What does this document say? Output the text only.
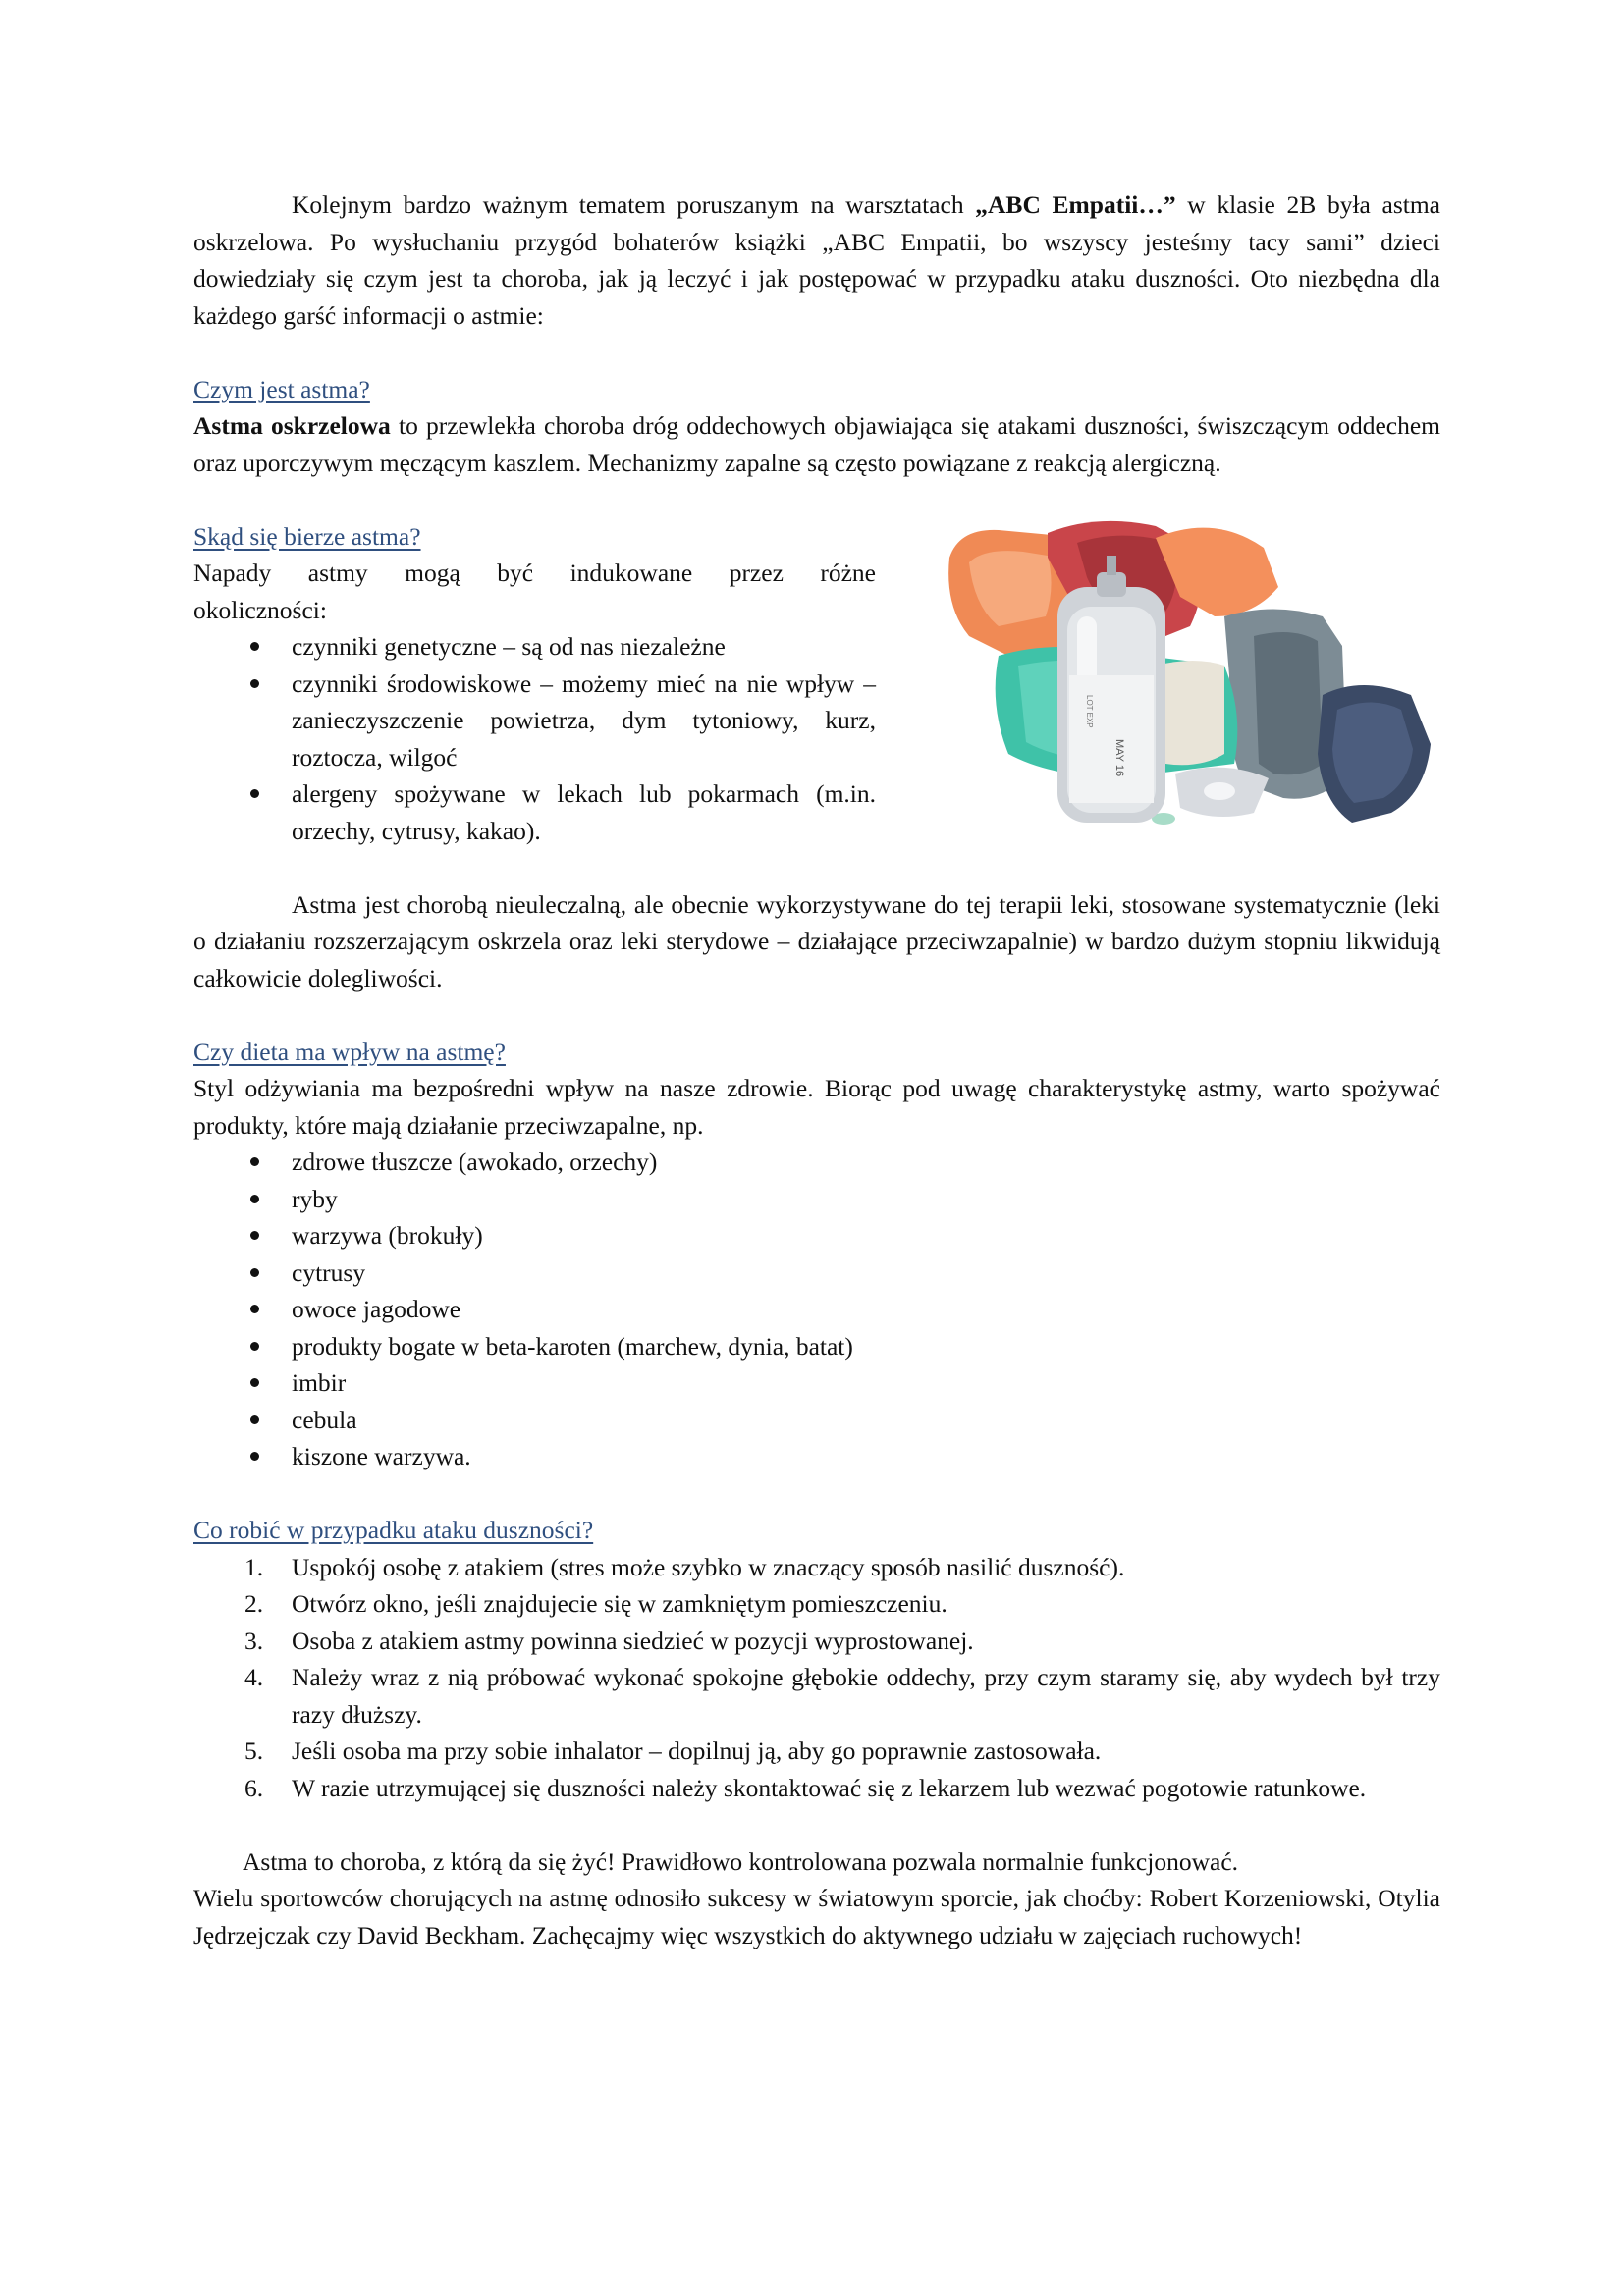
Kolejnym bardzo ważnym tematem poruszanym na warsztatach „ABC Empatii…” w klasie 2B była astma oskrzelowa. Po wysłuchaniu przygód bohaterów książki „ABC Empatii, bo wszyscy jesteśmy tacy sami” dzieci dowiedziały się czym jest ta choroba, jak ją leczyć i jak postępować w przypadku ataku duszności. Oto niezbędna dla każdego garść informacji o astmie:

Czym jest astma?

Astma oskrzelowa to przewlekła choroba dróg oddechowych objawiająca się atakami duszności, świszczącym oddechem oraz uporczywym męczącym kaszlem. Mechanizmy zapalne są często powiązane z reakcją alergiczną.

Skąd się bierze astma?

Napady astmy mogą być indukowane przez różne

okoliczności:

czynniki genetyczne – są od nas niezależne
czynniki środowiskowe – możemy mieć na nie wpływ – zanieczyszczenie powietrza, dym tytoniowy, kurz, roztocza, wilgoć
alergeny spożywane w lekach lub pokarmach (m.in. orzechy, cytrusy, kakao).
MAY 16
LOT EXP

Astma jest chorobą nieuleczalną, ale obecnie wykorzystywane do tej terapii leki, stosowane systematycznie (leki o działaniu rozszerzającym oskrzela oraz leki sterydowe – działające przeciwzapalnie) w bardzo dużym stopniu likwidują całkowicie dolegliwości.

Czy dieta ma wpływ na astmę?

Styl odżywiania ma bezpośredni wpływ na nasze zdrowie. Biorąc pod uwagę charakterystykę astmy, warto spożywać produkty, które mają działanie przeciwzapalne, np.

zdrowe tłuszcze (awokado, orzechy)
ryby
warzywa (brokuły)
cytrusy
owoce jagodowe
produkty bogate w beta-karoten (marchew, dynia, batat)
imbir
cebula
kiszone warzywa.

Co robić w przypadku ataku duszności?

1. Uspokój osobę z atakiem (stres może szybko w znaczący sposób nasilić duszność).
2. Otwórz okno, jeśli znajdujecie się w zamkniętym pomieszczeniu.
3. Osoba z atakiem astmy powinna siedzieć w pozycji wyprostowanej.
4. Należy wraz z nią próbować wykonać spokojne głębokie oddechy, przy czym staramy się, aby wydech był trzy razy dłuższy.
5. Jeśli osoba ma przy sobie inhalator – dopilnuj ją, aby go poprawnie zastosowała.
6. W razie utrzymującej się duszności należy skontaktować się z lekarzem lub wezwać pogotowie ratunkowe.

Astma to choroba, z którą da się żyć! Prawidłowo kontrolowana pozwala normalnie funkcjonować.

Wielu sportowców chorujących na astmę odnosiło sukcesy w światowym sporcie, jak choćby: Robert Korzeniowski, Otylia Jędrzejczak czy David Beckham. Zachęcajmy więc wszystkich do aktywnego udziału w zajęciach ruchowych!
